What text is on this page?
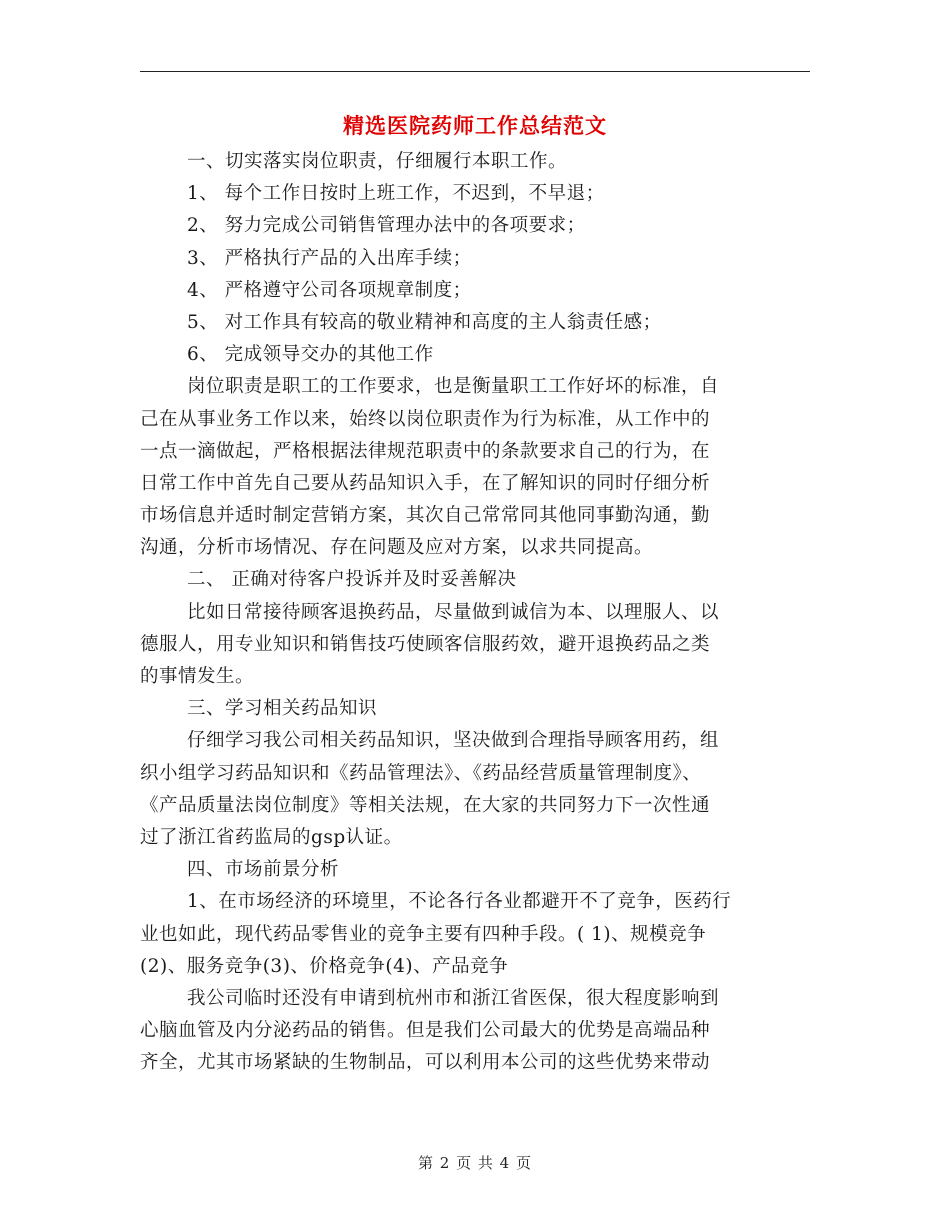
精选医院药师工作总结范文
一、切实落实岗位职责，仔细履行本职工作。
1、 每个工作日按时上班工作，不迟到，不早退；
2、 努力完成公司销售管理办法中的各项要求；
3、 严格执行产品的入出库手续；
4、 严格遵守公司各项规章制度；
5、 对工作具有较高的敬业精神和高度的主人翁责任感；
6、 完成领导交办的其他工作
岗位职责是职工的工作要求，也是衡量职工工作好坏的标准，自
己在从事业务工作以来，始终以岗位职责作为行为标准，从工作中的
一点一滴做起，严格根据法律规范职责中的条款要求自己的行为，在
日常工作中首先自己要从药品知识入手，在了解知识的同时仔细分析
市场信息并适时制定营销方案，其次自己常常同其他同事勤沟通，勤
沟通，分析市场情况、存在问题及应对方案，以求共同提高。
二、 正确对待客户投诉并及时妥善解决
比如日常接待顾客退换药品，尽量做到诚信为本、以理服人、以
德服人，用专业知识和销售技巧使顾客信服药效，避开退换药品之类
的事情发生。
三、学习相关药品知识
仔细学习我公司相关药品知识，坚决做到合理指导顾客用药，组
织小组学习药品知识和《药品管理法》、《药品经营质量管理制度》、
《产品质量法岗位制度》等相关法规，在大家的共同努力下一次性通
过了浙江省药监局的gsp认证。
四、市场前景分析
1、在市场经济的环境里，不论各行各业都避开不了竞争，医药行
业也如此，现代药品零售业的竞争主要有四种手段。( 1)、规模竞争
(2)、服务竞争(3)、价格竞争(4)、产品竞争
我公司临时还没有申请到杭州市和浙江省医保，很大程度影响到
心脑血管及内分泌药品的销售。但是我们公司最大的优势是高端品种
齐全，尤其市场紧缺的生物制品，可以利用本公司的这些优势来带动
第 2 页 共 4 页
